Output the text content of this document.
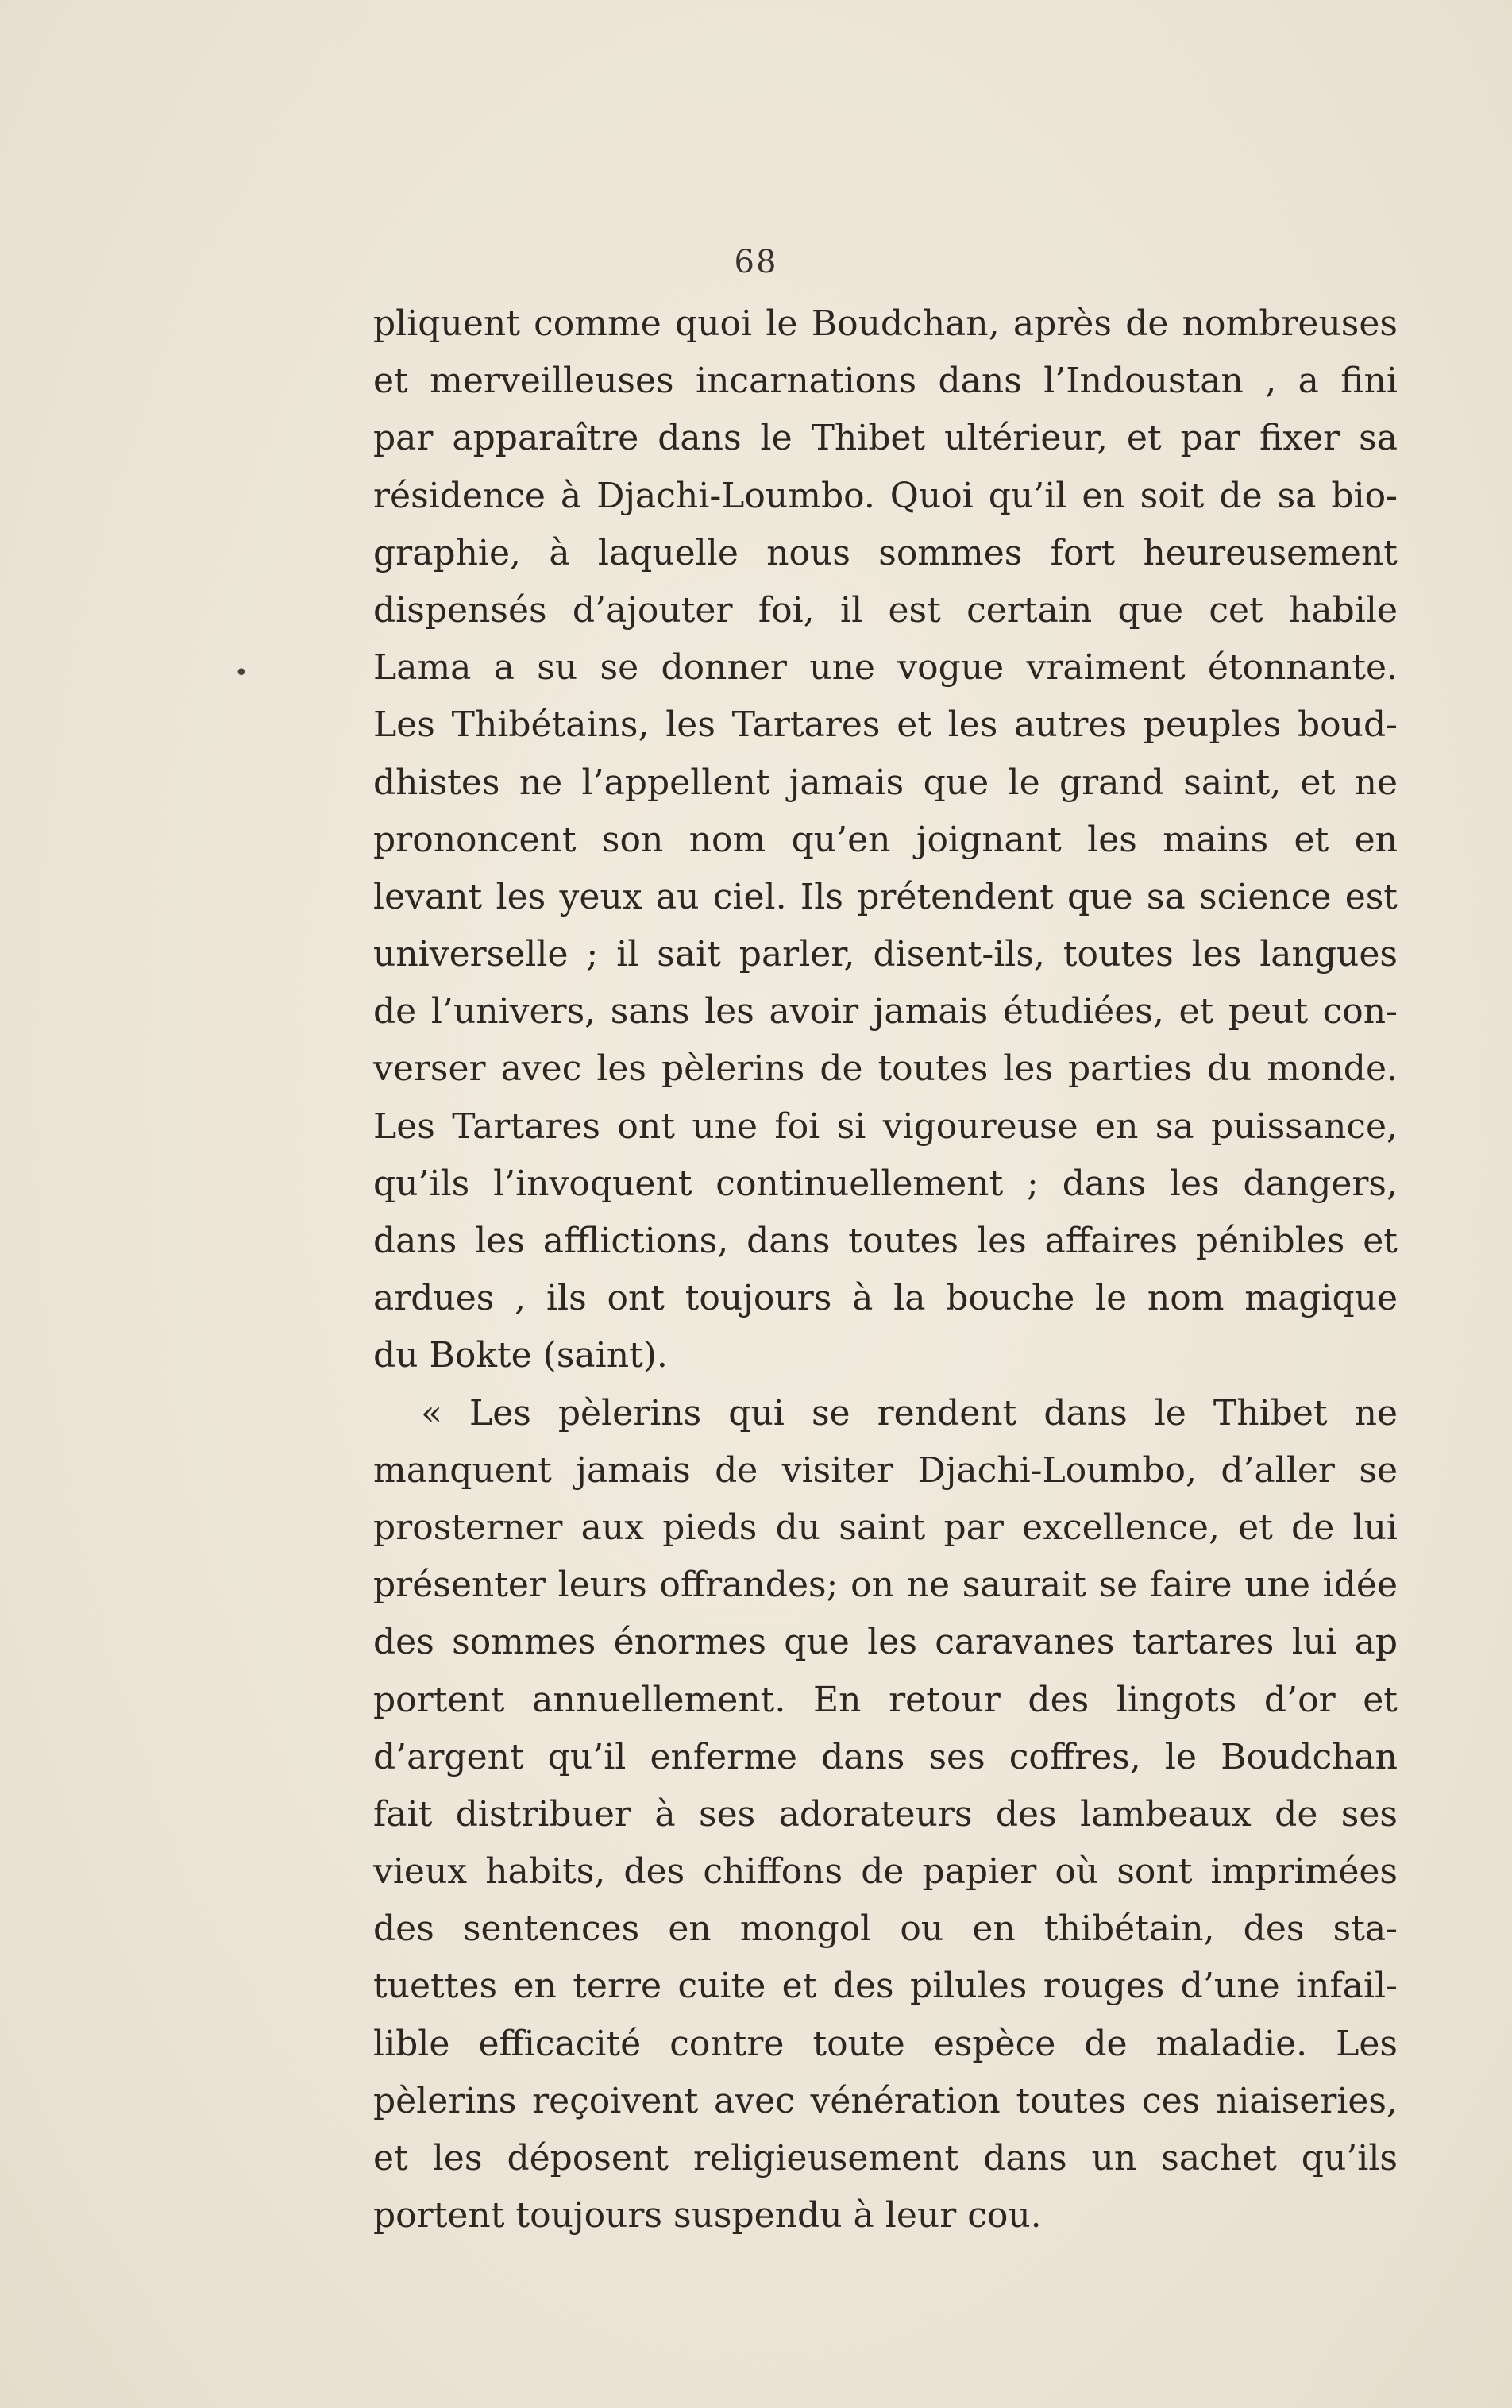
68
•
pliquent comme quoi le Boudchan, après de nombreuses
et merveilleuses incarnations dans l’Indoustan , a fini
par apparaître dans le Thibet ultérieur, et par fixer sa
résidence à Djachi-Loumbo. Quoi qu’il en soit de sa bio-
graphie, à laquelle nous sommes fort heureusement
dispensés d’ajouter foi, il est certain que cet habile
Lama a su se donner une vogue vraiment étonnante.
Les Thibétains, les Tartares et les autres peuples boud-
dhistes ne l’appellent jamais que le grand saint, et ne
prononcent son nom qu’en joignant les mains et en
levant les yeux au ciel. Ils prétendent que sa science est
universelle ; il sait parler, disent-ils, toutes les langues
de l’univers, sans les avoir jamais étudiées, et peut con-
verser avec les pèlerins de toutes les parties du monde.
Les Tartares ont une foi si vigoureuse en sa puissance,
qu’ils l’invoquent continuellement ; dans les dangers,
dans les afflictions, dans toutes les affaires pénibles et
ardues , ils ont toujours à la bouche le nom magique
du Bokte (saint).
« Les pèlerins qui se rendent dans le Thibet ne
manquent jamais de visiter Djachi-Loumbo, d’aller se
prosterner aux pieds du saint par excellence, et de lui
présenter leurs offrandes; on ne saurait se faire une idée
des sommes énormes que les caravanes tartares lui ap
portent annuellement. En retour des lingots d’or et
d’argent qu’il enferme dans ses coffres, le Boudchan
fait distribuer à ses adorateurs des lambeaux de ses
vieux habits, des chiffons de papier où sont imprimées
des sentences en mongol ou en thibétain, des sta-
tuettes en terre cuite et des pilules rouges d’une infail-
lible efficacité contre toute espèce de maladie. Les
pèlerins reçoivent avec vénération toutes ces niaiseries,
et les déposent religieusement dans un sachet qu’ils
portent toujours suspendu à leur cou.
